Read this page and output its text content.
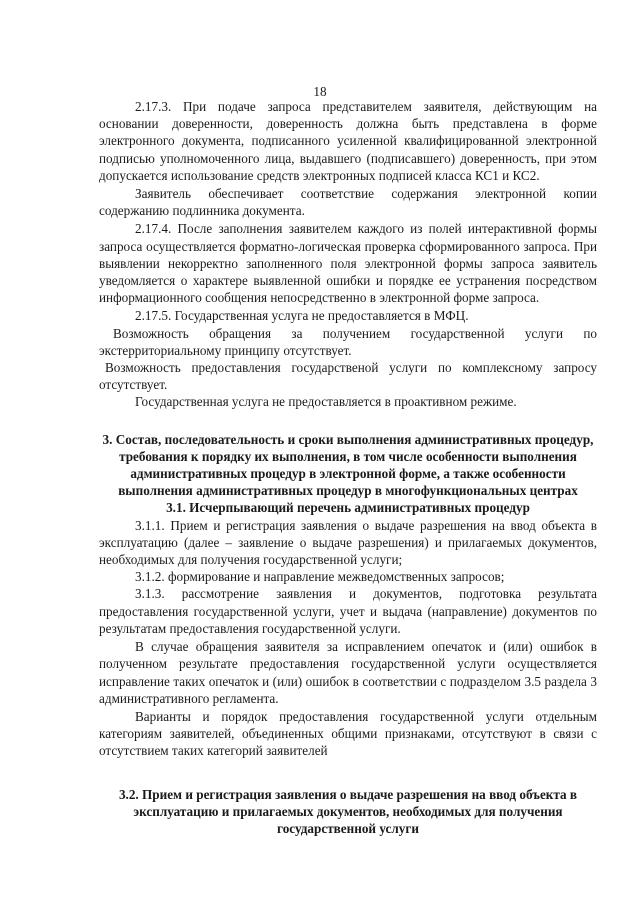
18

2.17.3. При подаче запроса представителем заявителя, действующим на основании доверенности, доверенность должна быть представлена в форме электронного документа, подписанного усиленной квалифицированной электронной подписью уполномоченного лица, выдавшего (подписавшего) доверенность, при этом допускается использование средств электронных подписей класса КС1 и КС2.

Заявитель обеспечивает соответствие содержания электронной копии содержанию подлинника документа.

2.17.4. После заполнения заявителем каждого из полей интерактивной формы запроса осуществляется форматно-логическая проверка сформированного запроса. При выявлении некорректно заполненного поля электронной формы запроса заявитель уведомляется о характере выявленной ошибки и порядке ее устранения посредством информационного сообщения непосредственно в электронной форме запроса.

2.17.5. Государственная услуга не предоставляется в МФЦ.

Возможность обращения за получением государственной услуги по экстерриториальному принципу отсутствует.

Возможность предоставления государственой услуги по комплексному запросу отсутствует.

Государственная услуга не предоставляется в проактивном режиме.

3. Состав, последовательность и сроки выполнения административных процедур, требования к порядку их выполнения, в том числе особенности выполнения административных процедур в электронной форме, а также особенности выполнения административных процедур в многофункциональных центрах

3.1. Исчерпывающий перечень административных процедур

3.1.1. Прием и регистрация заявления о выдаче разрешения на ввод объекта в эксплуатацию (далее – заявление о выдаче разрешения) и прилагаемых документов, необходимых для получения государственной услуги;

3.1.2. формирование и направление межведомственных запросов;

3.1.3. рассмотрение заявления и документов, подготовка результата предоставления государственной услуги, учет и выдача (направление) документов по результатам предоставления государственной услуги.

В случае обращения заявителя за исправлением опечаток и (или) ошибок в полученном результате предоставления государственной услуги осуществляется исправление таких опечаток и (или) ошибок в соответствии с подразделом 3.5 раздела 3 административного регламента.

Варианты и порядок предоставления государственной услуги отдельным категориям заявителей, объединенных общими признаками, отсутствуют в связи с отсутствием таких категорий заявителей

3.2. Прием и регистрация заявления о выдаче разрешения на ввод объекта в эксплуатацию и прилагаемых документов, необходимых для получения государственной услуги
